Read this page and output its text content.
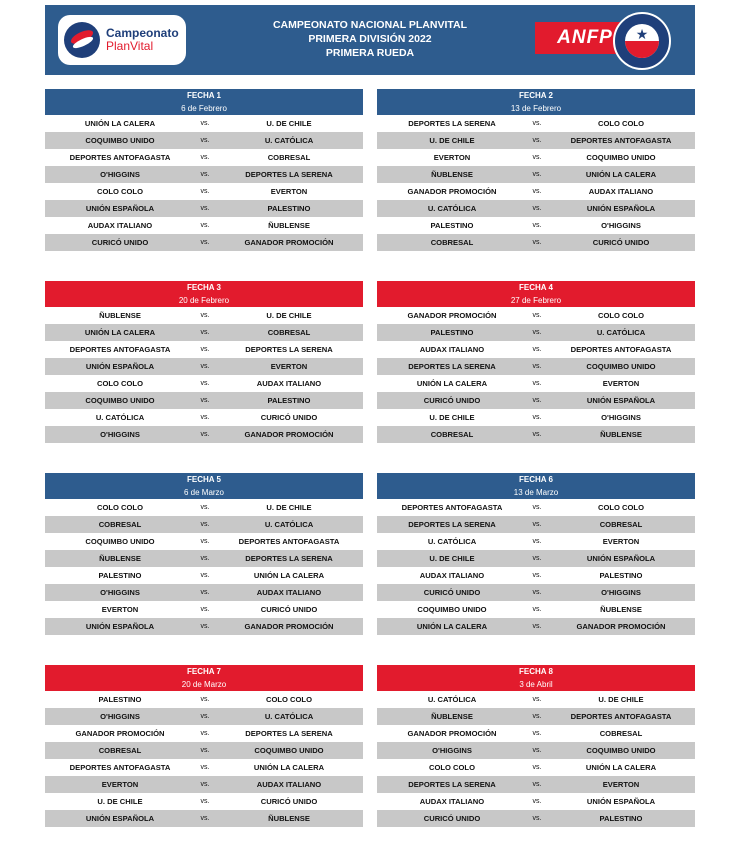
Campeonato
PlanVital
CAMPEONATO NACIONAL PLANVITAL
PRIMERA DIVISIÓN 2022
PRIMERA RUEDA
ANFP	★
FECHA 1
6 de Febrero
UNIÓN LA CALERA	vs.	U. DE CHILE
COQUIMBO UNIDO	vs.	U. CATÓLICA
DEPORTES ANTOFAGASTA	vs.	COBRESAL
O'HIGGINS	vs.	DEPORTES LA SERENA
COLO COLO	vs.	EVERTON
UNIÓN ESPAÑOLA	vs.	PALESTINO
AUDAX ITALIANO	vs.	ÑUBLENSE
CURICÓ UNIDO	vs.	GANADOR PROMOCIÓN
FECHA 2
13 de Febrero
DEPORTES LA SERENA	vs.	COLO COLO
U. DE CHILE	vs.	DEPORTES ANTOFAGASTA
EVERTON	vs.	COQUIMBO UNIDO
ÑUBLENSE	vs.	UNIÓN LA CALERA
GANADOR PROMOCIÓN	vs.	AUDAX ITALIANO
U. CATÓLICA	vs.	UNIÓN ESPAÑOLA
PALESTINO	vs.	O'HIGGINS
COBRESAL	vs.	CURICÓ UNIDO
FECHA 3
20 de Febrero
ÑUBLENSE	vs.	U. DE CHILE
UNIÓN LA CALERA	vs.	COBRESAL
DEPORTES ANTOFAGASTA	vs.	DEPORTES LA SERENA
UNIÓN ESPAÑOLA	vs.	EVERTON
COLO COLO	vs.	AUDAX ITALIANO
COQUIMBO UNIDO	vs.	PALESTINO
U. CATÓLICA	vs.	CURICÓ UNIDO
O'HIGGINS	vs.	GANADOR PROMOCIÓN
FECHA 4
27 de Febrero
GANADOR PROMOCIÓN	vs.	COLO COLO
PALESTINO	vs.	U. CATÓLICA
AUDAX ITALIANO	vs.	DEPORTES ANTOFAGASTA
DEPORTES LA SERENA	vs.	COQUIMBO UNIDO
UNIÓN LA CALERA	vs.	EVERTON
CURICÓ UNIDO	vs.	UNIÓN ESPAÑOLA
U. DE CHILE	vs.	O'HIGGINS
COBRESAL	vs.	ÑUBLENSE
FECHA 5
6 de Marzo
COLO COLO	vs.	U. DE CHILE
COBRESAL	vs.	U. CATÓLICA
COQUIMBO UNIDO	vs.	DEPORTES ANTOFAGASTA
ÑUBLENSE	vs.	DEPORTES LA SERENA
PALESTINO	vs.	UNIÓN LA CALERA
O'HIGGINS	vs.	AUDAX ITALIANO
EVERTON	vs.	CURICÓ UNIDO
UNIÓN ESPAÑOLA	vs.	GANADOR PROMOCIÓN
FECHA 6
13 de Marzo
DEPORTES ANTOFAGASTA	vs.	COLO COLO
DEPORTES LA SERENA	vs.	COBRESAL
U. CATÓLICA	vs.	EVERTON
U. DE CHILE	vs.	UNIÓN ESPAÑOLA
AUDAX ITALIANO	vs.	PALESTINO
CURICÓ UNIDO	vs.	O'HIGGINS
COQUIMBO UNIDO	vs.	ÑUBLENSE
UNIÓN LA CALERA	vs.	GANADOR PROMOCIÓN
FECHA 7
20 de Marzo
PALESTINO	vs.	COLO COLO
O'HIGGINS	vs.	U. CATÓLICA
GANADOR PROMOCIÓN	vs.	DEPORTES LA SERENA
COBRESAL	vs.	COQUIMBO UNIDO
DEPORTES ANTOFAGASTA	vs.	UNIÓN LA CALERA
EVERTON	vs.	AUDAX ITALIANO
U. DE CHILE	vs.	CURICÓ UNIDO
UNIÓN ESPAÑOLA	vs.	ÑUBLENSE
FECHA 8
3 de Abril
U. CATÓLICA	vs.	U. DE CHILE
ÑUBLENSE	vs.	DEPORTES ANTOFAGASTA
GANADOR PROMOCIÓN	vs.	COBRESAL
O'HIGGINS	vs.	COQUIMBO UNIDO
COLO COLO	vs.	UNIÓN LA CALERA
DEPORTES LA SERENA	vs.	EVERTON
AUDAX ITALIANO	vs.	UNIÓN ESPAÑOLA
CURICÓ UNIDO	vs.	PALESTINO
